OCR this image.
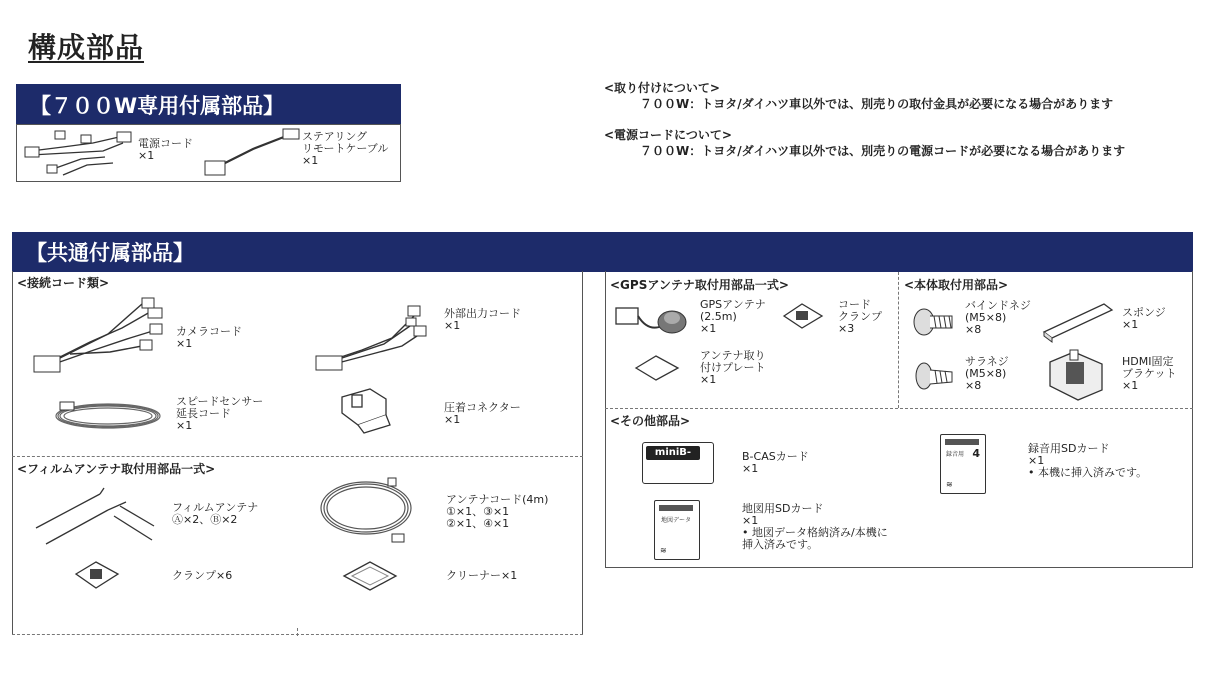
構成部品
【７００W専用付属部品】
電源コード
×1
ステアリング
リモートケーブル
×1
<取り付けについて>
７００W：トヨタ/ダイハツ車以外では、別売りの取付金具が必要になる場合があります
<電源コードについて>
７００W：トヨタ/ダイハツ車以外では、別売りの電源コードが必要になる場合があります
【共通付属部品】
<接続コード類>
カメラコード
×1
外部出力コード
×1
スピードセンサー
延長コード
×1
圧着コネクター
×1
<フィルムアンテナ取付用部品一式>
フィルムアンテナ
Ⓐ×2、Ⓑ×2
アンテナコード(4m)
①×1、③×1
②×1、④×1
クランプ×6	クリーナー×1
<GPSアンテナ取付用部品一式>
GPSアンテナ
(2.5m)
×1
コード
クランプ
×3
アンテナ取り
付けプレート
×1
<本体取付用部品>
バインドネジ
(M5×8)
×8
スポンジ
×1
サラネジ
(M5×8)
×8
HDMI固定
ブラケット
×1
<その他部品>
miniB-CAS
B-CASカード
×1
録音用 4
≋
録音用SDカード
×1
• 本機に挿入済みです。
地図データ
≋
地図用SDカード
×1
• 地図データ格納済み/本機に
挿入済みです。
